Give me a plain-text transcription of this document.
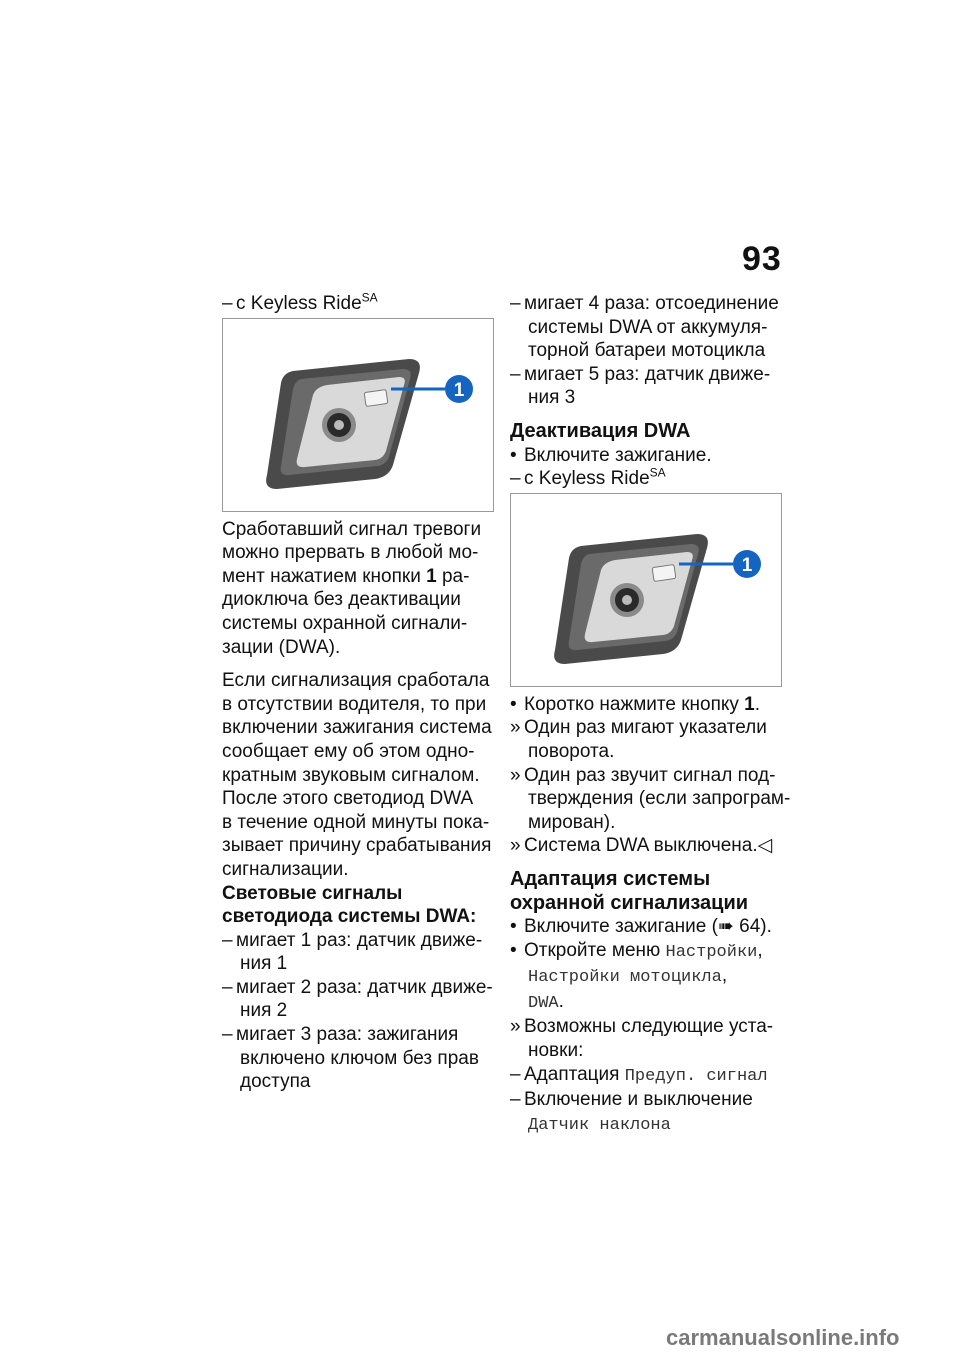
93
– с Keyless Ride$^{SA}$
1
Сработавший сигнал тревоги
можно прервать в любой мо-
мент нажатием кнопки 1 ра-
диоключа без деактивации
системы охранной сигнали-
зации (DWA).
Если сигнализация сработала
в отсутствии водителя, то при
включении зажигания система
сообщает ему об этом одно-
кратным звуковым сигналом.
После этого светодиод DWA
в течение одной минуты пока-
зывает причину срабатывания
сигнализации.
Световые сигналы
светодиода системы DWA:
– мигает 1 раз: датчик движе-
ния 1
– мигает 2 раза: датчик движе-
ния 2
– мигает 3 раза: зажигания
включено ключом без прав
доступа
– мигает 4 раза: отсоединение
системы DWA от аккумуля-
торной батареи мотоцикла
– мигает 5 раз: датчик движе-
ния 3
Деактивация DWA
• Включите зажигание.
– с Keyless Ride$^{SA}$
1
• Коротко нажмите кнопку 1.
» Один раз мигают указатели
поворота.
» Один раз звучит сигнал под-
тверждения (если запрограм-
мирован).
» Система DWA выключена.◁
Адаптация системы
охранной сигнализации
• Включите зажигание (➠ 64).
• Откройте меню Настройки,
Настройки мотоцикла,
DWA.
» Возможны следующие уста-
новки:
– Адаптация Предуп. сигнал
– Включение и выключение
Датчик наклона
carmanualsonline.info
